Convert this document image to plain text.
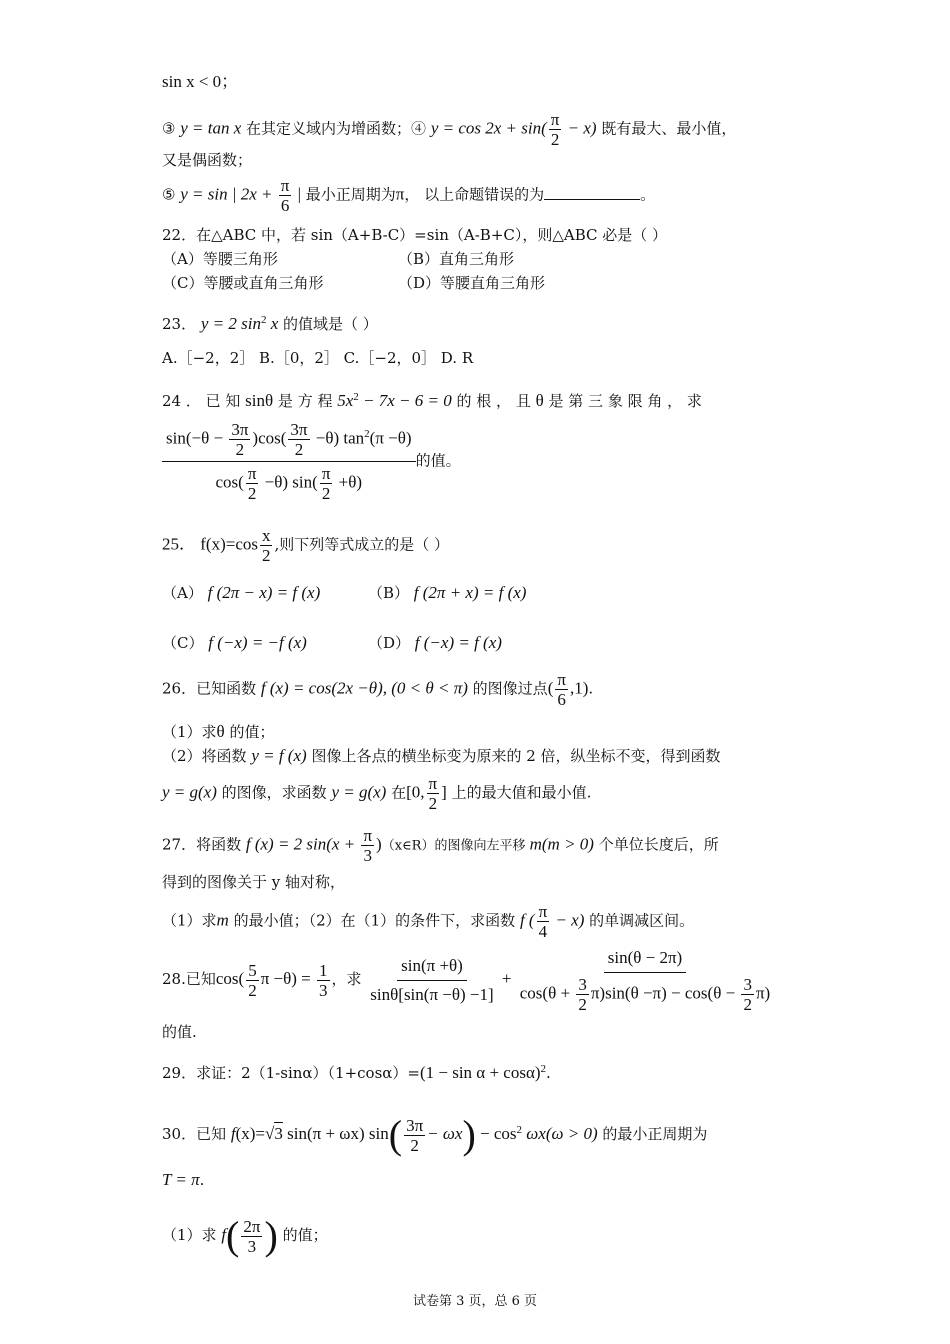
sin x < 0；
③ y = tan x 在其定义域内为增函数；④ $y = \cos 2x + \sin( \frac{\pi}{2} - x)$ 既有最大、最小值，
又是偶函数；
⑤ y = sin | $2x + \frac{\pi}{6}$ | 最小正周期为π， 以上命题错误的为	。
22．在△ABC 中，若 sin（A+B-C）=sin（A-B+C），则△ABC 必是（ ）
（A）等腰三角形	（B）直角三角形
（C）等腰或直角三角形	（D）等腰直角三角形
23． y = 2 $\sin^2 x$ 的值域是（ ）
A.［−2，2］ B.［0，2］ C.［−2，0］ D. R
24 ． 已 知 sinθ 是 方 程 $5x^2 - 7x - 6 = 0$ 的 根 ， 且 θ 是 第 三 象 限 角 ， 求
$\frac{\sin(-\theta - \frac{3\pi}{2} )\cos( \frac{3\pi}{2} -\theta) \tan^2(\pi -\theta)}{\cos( \frac{\pi}{2} -\theta) \sin( \frac{\pi}{2} +\theta)}$ 的值。
25． $f(x)=\cos \frac{x}{2}$ ,则下列等式成立的是（ ）
（A） f (2π − x) = f (x)	（B） f (2π + x) = f (x)
（C） f (−x) = −f (x)	（D） f (−x) = f (x)
26．已知函数 f (x) = cos(2x −θ), (0 < θ < π) 的图像过点( $\frac{\pi}{6} ,1$).
（1）求θ 的值；
（2）将函数 y = f (x) 图像上各点的横坐标变为原来的 2 倍，纵坐标不变，得到函数
y = g(x) 的图像，求函数 y = g(x) 在[0, $\frac{\pi}{2}$ ] 上的最大值和最小值.
27．将函数 f (x) = 2 $\sin(x + \frac{\pi}{3}$ )（x∈R）的图像向左平移 m(m > 0) 个单位长度后，所
得到的图像关于 y 轴对称，
（1）求m 的最小值；（2）在（1）的条件下，求函数 f ( $\frac{\pi}{4} - x$) 的单调减区间。
28.已知$\cos( \frac{5}{2}$ $\pi -\theta) = \frac{1}{3}$ ，求 $\frac{\sin(\pi +\theta)}{\sin\theta[\sin(\pi -\theta) -1]} + \frac{\sin(\theta - 2\pi)}{\cos(\theta + \frac{3}{2} \pi)\sin(\theta -\pi) - \cos(\theta - \frac{3}{2} \pi)}$
的值.
29．求证：$2(1-\sin\alpha)(1+\cos\alpha)=(1 - \sin \alpha + \cos\alpha)^2$.
30．已知 f(x)=√3 sin(π + ωx) $\sin( \frac{3\pi}{2} - \omega x) - \cos^2 \omega x(\omega > 0)$ 的最小正周期为
T = π.
（1）求 $f( \frac{2\pi}{3}$ ) 的值；
试卷第 3 页，总 6 页
